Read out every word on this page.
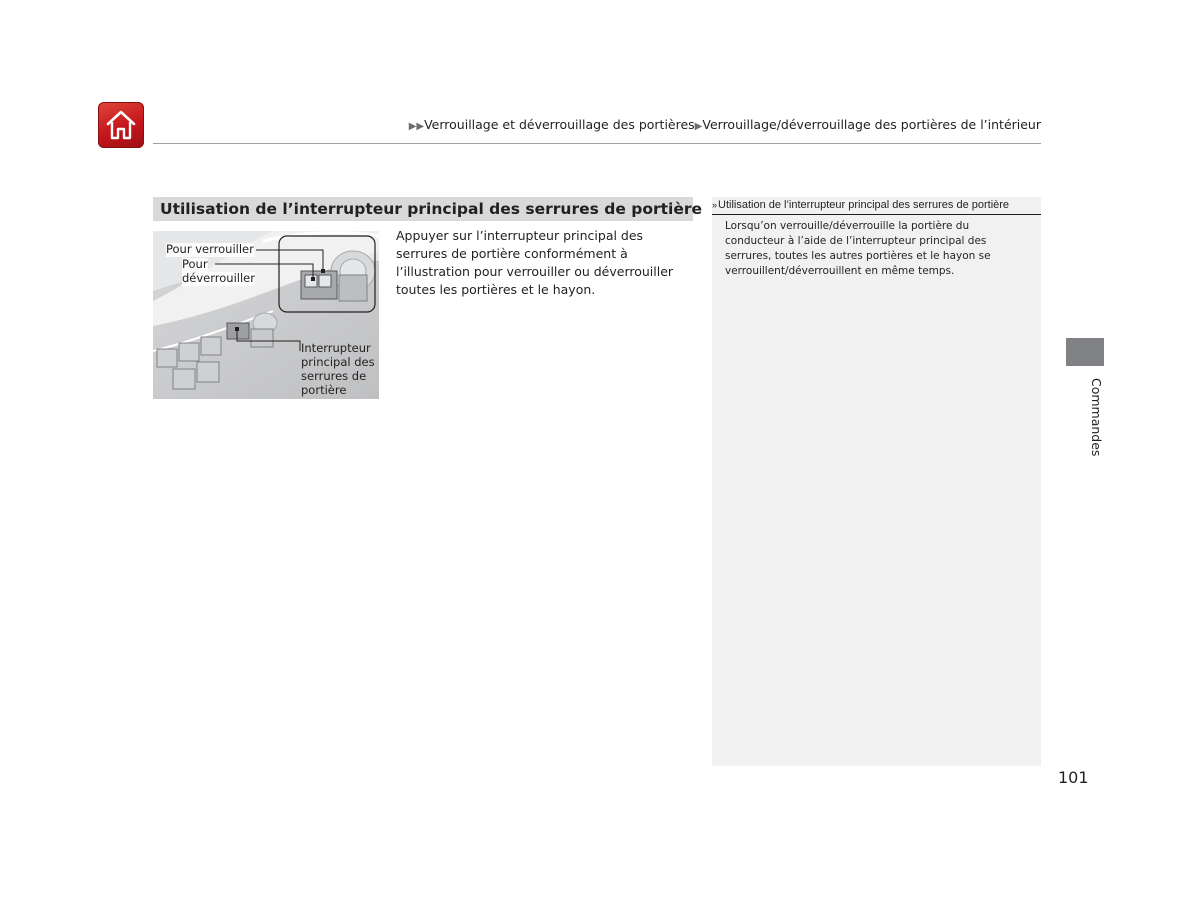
▶▶Verrouillage et déverrouillage des portières▶Verrouillage/déverrouillage des portières de l’intérieur
Utilisation de l’interrupteur principal des serrures de portière
Pour verrouiller
Pour
déverrouiller
Interrupteur
principal des
serrures de
portière
Appuyer sur l’interrupteur principal des serrures de portière conformément à l’illustration pour verrouiller ou déverrouiller toutes les portières et le hayon.
»Utilisation de l’interrupteur principal des serrures de portière
Lorsqu’on verrouille/déverrouille la portière du conducteur à l’aide de l’interrupteur principal des serrures, toutes les autres portières et le hayon se verrouillent/déverrouillent en même temps.
Commandes
101
